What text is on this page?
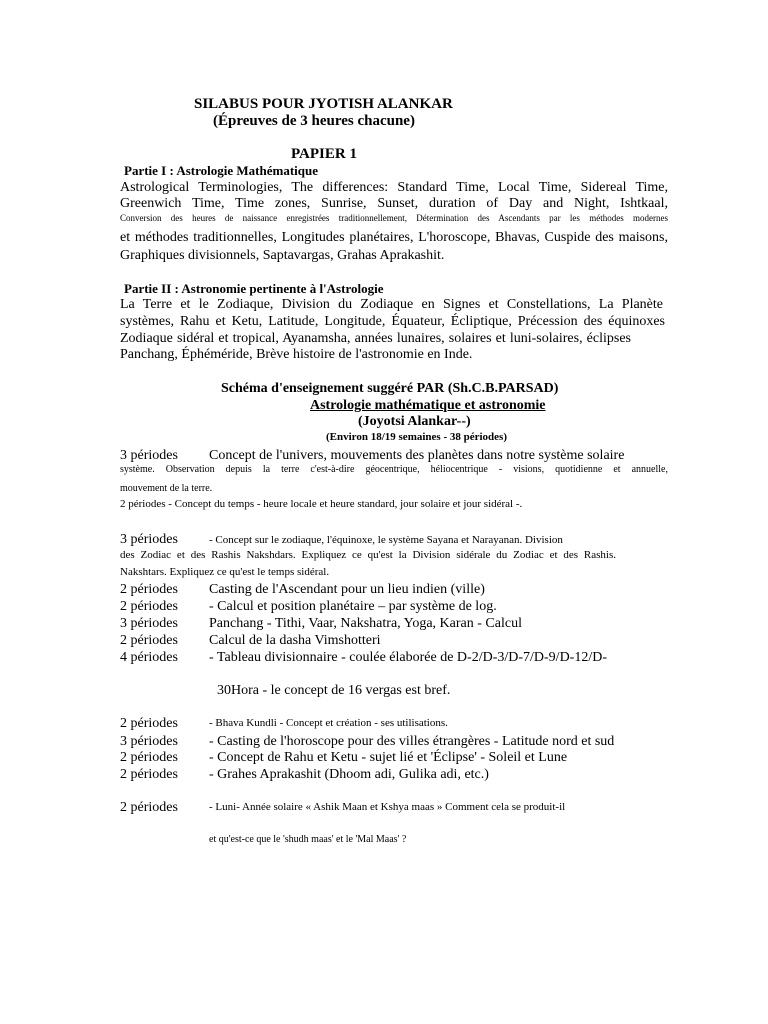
SILABUS POUR JYOTISH ALANKAR
(Épreuves de 3 heures chacune)
PAPIER 1
Partie I : Astrologie Mathématique
Astrological Terminologies, The differences: Standard Time, Local Time, Sidereal Time,
Greenwich Time, Time zones, Sunrise, Sunset, duration of Day and Night, Ishtkaal,
Conversion des heures de naissance enregistrées traditionnellement, Détermination des Ascendants par les méthodes modernes
et méthodes traditionnelles, Longitudes planétaires, L'horoscope, Bhavas, Cuspide des maisons,
Graphiques divisionnels, Saptavargas, Grahas Aprakashit.
Partie II : Astronomie pertinente à l'Astrologie
La Terre et le Zodiaque, Division du Zodiaque en Signes et Constellations, La Planète
systèmes, Rahu et Ketu, Latitude, Longitude, Équateur, Écliptique, Précession des équinoxes
Zodiaque sidéral et tropical, Ayanamsha, années lunaires, solaires et luni-solaires, éclipses
Panchang, Éphéméride, Brève histoire de l'astronomie en Inde.
Schéma d'enseignement suggéré PAR (Sh.C.B.PARSAD)
Astrologie mathématique et astronomie
(Joyotsi Alankar--)
(Environ 18/19 semaines - 38 périodes)
3 périodes Concept de l'univers, mouvements des planètes dans notre système solaire
système. Observation depuis la terre c'est-à-dire géocentrique, héliocentrique - visions, quotidienne et annuelle,
mouvement de la terre.
2 périodes - Concept du temps - heure locale et heure standard, jour solaire et jour sidéral -.
3 périodes	- Concept sur le zodiaque, l'équinoxe, le système Sayana et Narayanan. Division
des Zodiac et des Rashis Nakshdars. Expliquez ce qu'est la Division sidérale du Zodiac et des Rashis.
Nakshtars. Expliquez ce qu'est le temps sidéral.
2 périodes Casting de l'Ascendant pour un lieu indien (ville)
2 périodes - Calcul et position planétaire – par système de log.
3 périodes Panchang - Tithi, Vaar, Nakshatra, Yoga, Karan - Calcul
2 périodes Calcul de la dasha Vimshotteri
4 périodes - Tableau divisionnaire - coulée élaborée de D-2/D-3/D-7/D-9/D-12/D-
30Hora - le concept de 16 vergas est bref.
2 périodes	- Bhava Kundli - Concept et création - ses utilisations.
3 périodes - Casting de l'horoscope pour des villes étrangères - Latitude nord et sud
2 périodes - Concept de Rahu et Ketu - sujet lié et 'Éclipse' - Soleil et Lune
2 périodes - Grahes Aprakashit (Dhoom adi, Gulika adi, etc.)
2 périodes	- Luni- Année solaire « Ashik Maan et Kshya maas » Comment cela se produit-il
et qu'est-ce que le 'shudh maas' et le 'Mal Maas' ?
